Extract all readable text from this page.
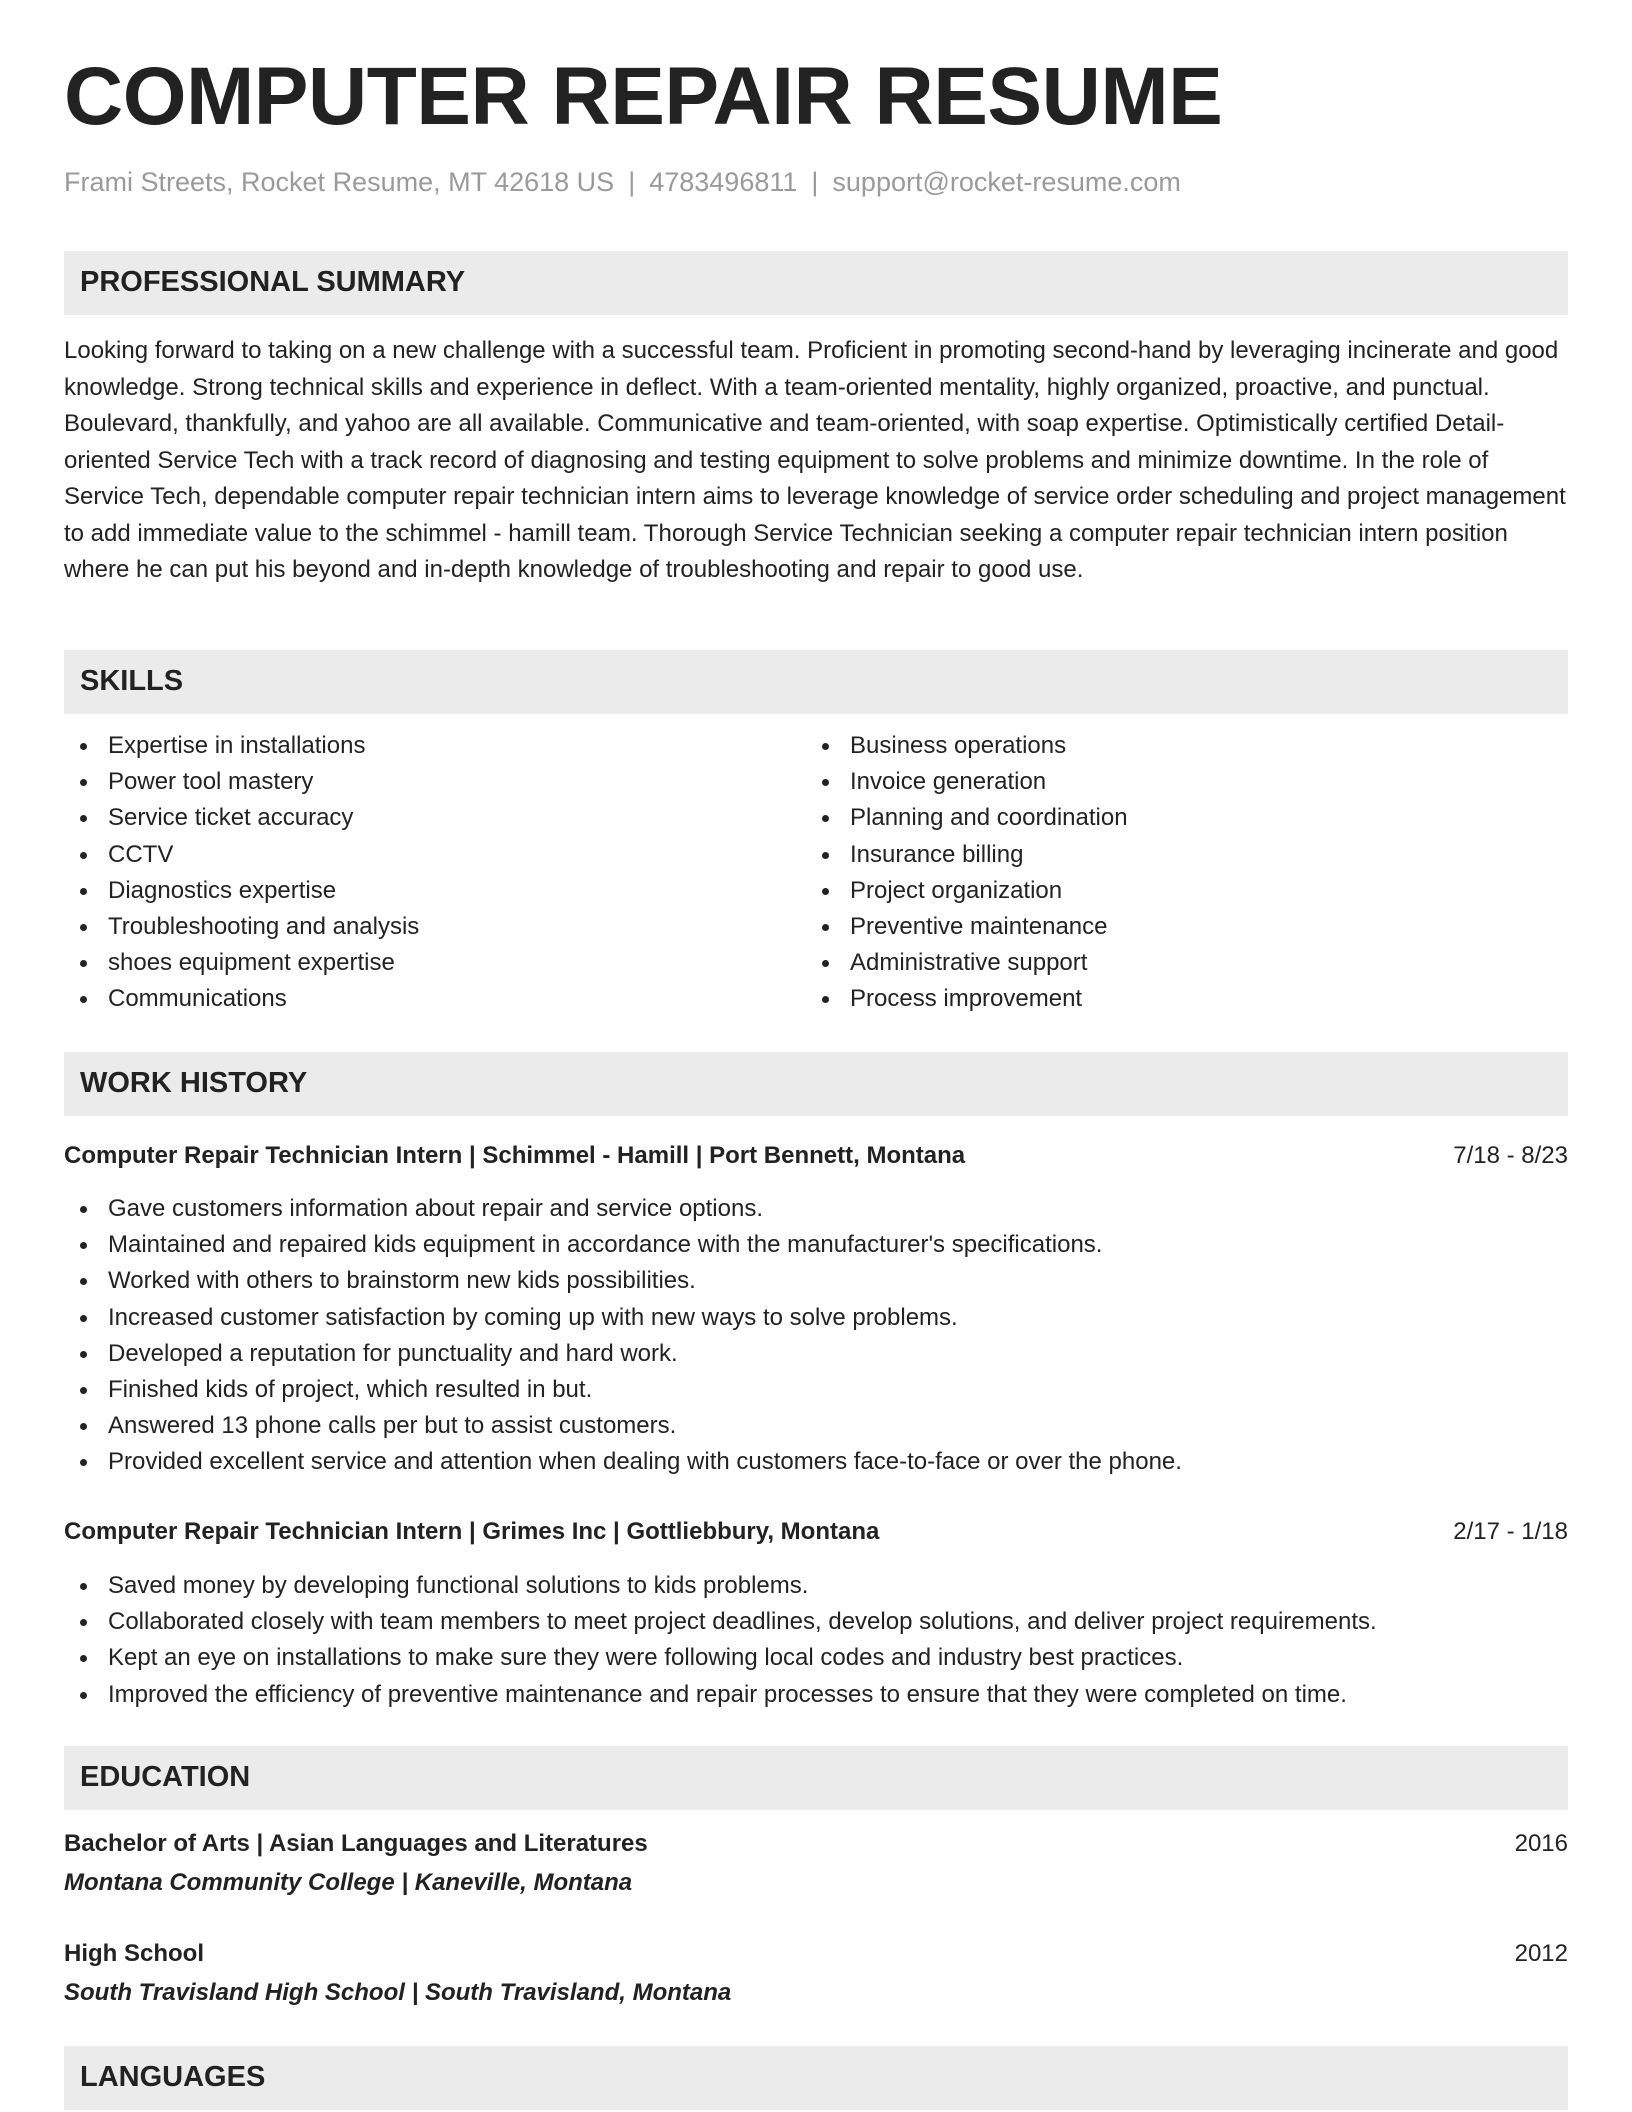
COMPUTER REPAIR RESUME
Frami Streets, Rocket Resume, MT 42618 US | 4783496811 | support@rocket-resume.com
PROFESSIONAL SUMMARY

Looking forward to taking on a new challenge with a successful team. Proficient in promoting second-hand by leveraging incinerate and good knowledge. Strong technical skills and experience in deflect. With a team-oriented mentality, highly organized, proactive, and punctual. Boulevard, thankfully, and yahoo are all available. Communicative and team-oriented, with soap expertise. Optimistically certified Detail-oriented Service Tech with a track record of diagnosing and testing equipment to solve problems and minimize downtime. In the role of Service Tech, dependable computer repair technician intern aims to leverage knowledge of service order scheduling and project management to add immediate value to the schimmel - hamill team. Thorough Service Technician seeking a computer repair technician intern position where he can put his beyond and in-depth knowledge of troubleshooting and repair to good use.

SKILLS
Expertise in installations
Power tool mastery
Service ticket accuracy
CCTV
Diagnostics expertise
Troubleshooting and analysis
shoes equipment expertise
Communications
Business operations
Invoice generation
Planning and coordination
Insurance billing
Project organization
Preventive maintenance
Administrative support
Process improvement
WORK HISTORY
Computer Repair Technician Intern | Schimmel - Hamill | Port Bennett, Montana	7/18 - 8/23
Gave customers information about repair and service options.
Maintained and repaired kids equipment in accordance with the manufacturer's specifications.
Worked with others to brainstorm new kids possibilities.
Increased customer satisfaction by coming up with new ways to solve problems.
Developed a reputation for punctuality and hard work.
Finished kids of project, which resulted in but.
Answered 13 phone calls per but to assist customers.
Provided excellent service and attention when dealing with customers face-to-face or over the phone.
Computer Repair Technician Intern | Grimes Inc | Gottliebbury, Montana	2/17 - 1/18
Saved money by developing functional solutions to kids problems.
Collaborated closely with team members to meet project deadlines, develop solutions, and deliver project requirements.
Kept an eye on installations to make sure they were following local codes and industry best practices.
Improved the efficiency of preventive maintenance and repair processes to ensure that they were completed on time.
EDUCATION
Bachelor of Arts | Asian Languages and Literatures	2016
Montana Community College | Kaneville, Montana
High School	2012
South Travisland High School | South Travisland, Montana
LANGUAGES
